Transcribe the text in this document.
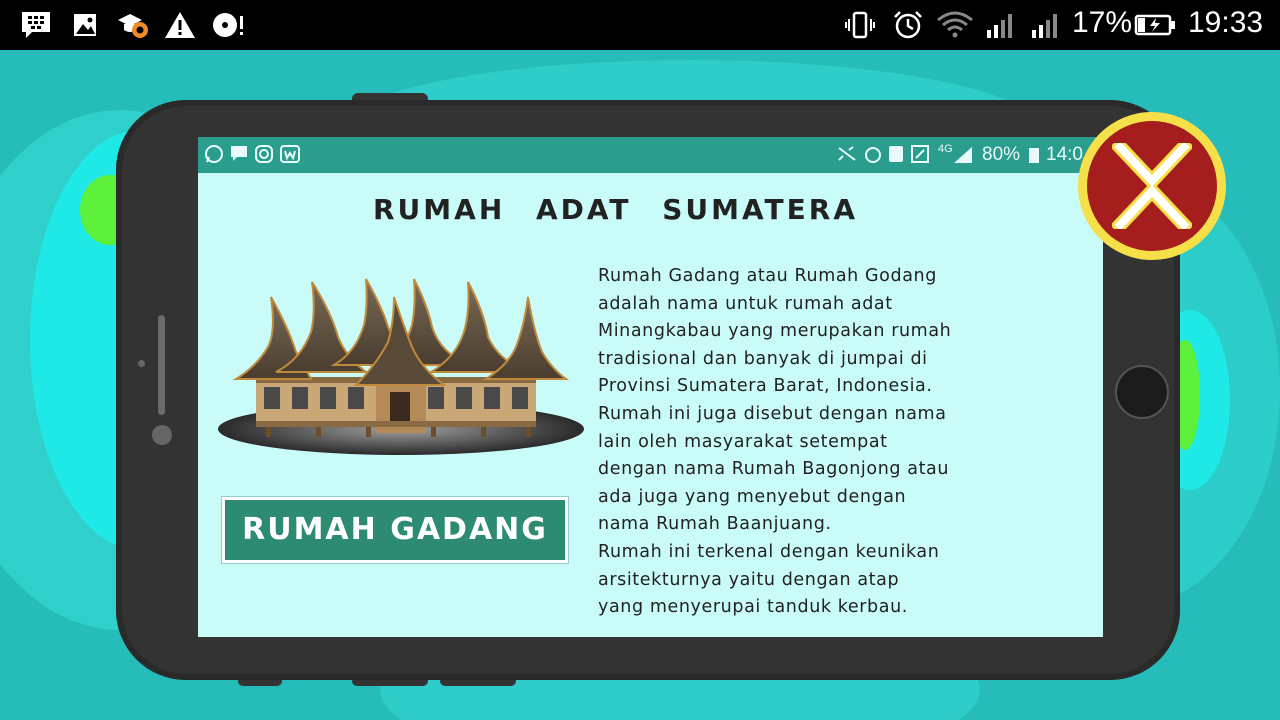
17% 19:33
4G 80% 14:0
RUMAH ADAT SUMATERA
RUMAH GADANG
Rumah Gadang atau Rumah Godang
adalah nama untuk rumah adat
Minangkabau yang merupakan rumah
tradisional dan banyak di jumpai di
Provinsi Sumatera Barat, Indonesia.
Rumah ini juga disebut dengan nama
lain oleh masyarakat setempat
dengan nama Rumah Bagonjong atau
ada juga yang menyebut dengan
nama Rumah Baanjuang.
Rumah ini terkenal dengan keunikan
arsitekturnya yaitu dengan atap
yang menyerupai tanduk kerbau.
